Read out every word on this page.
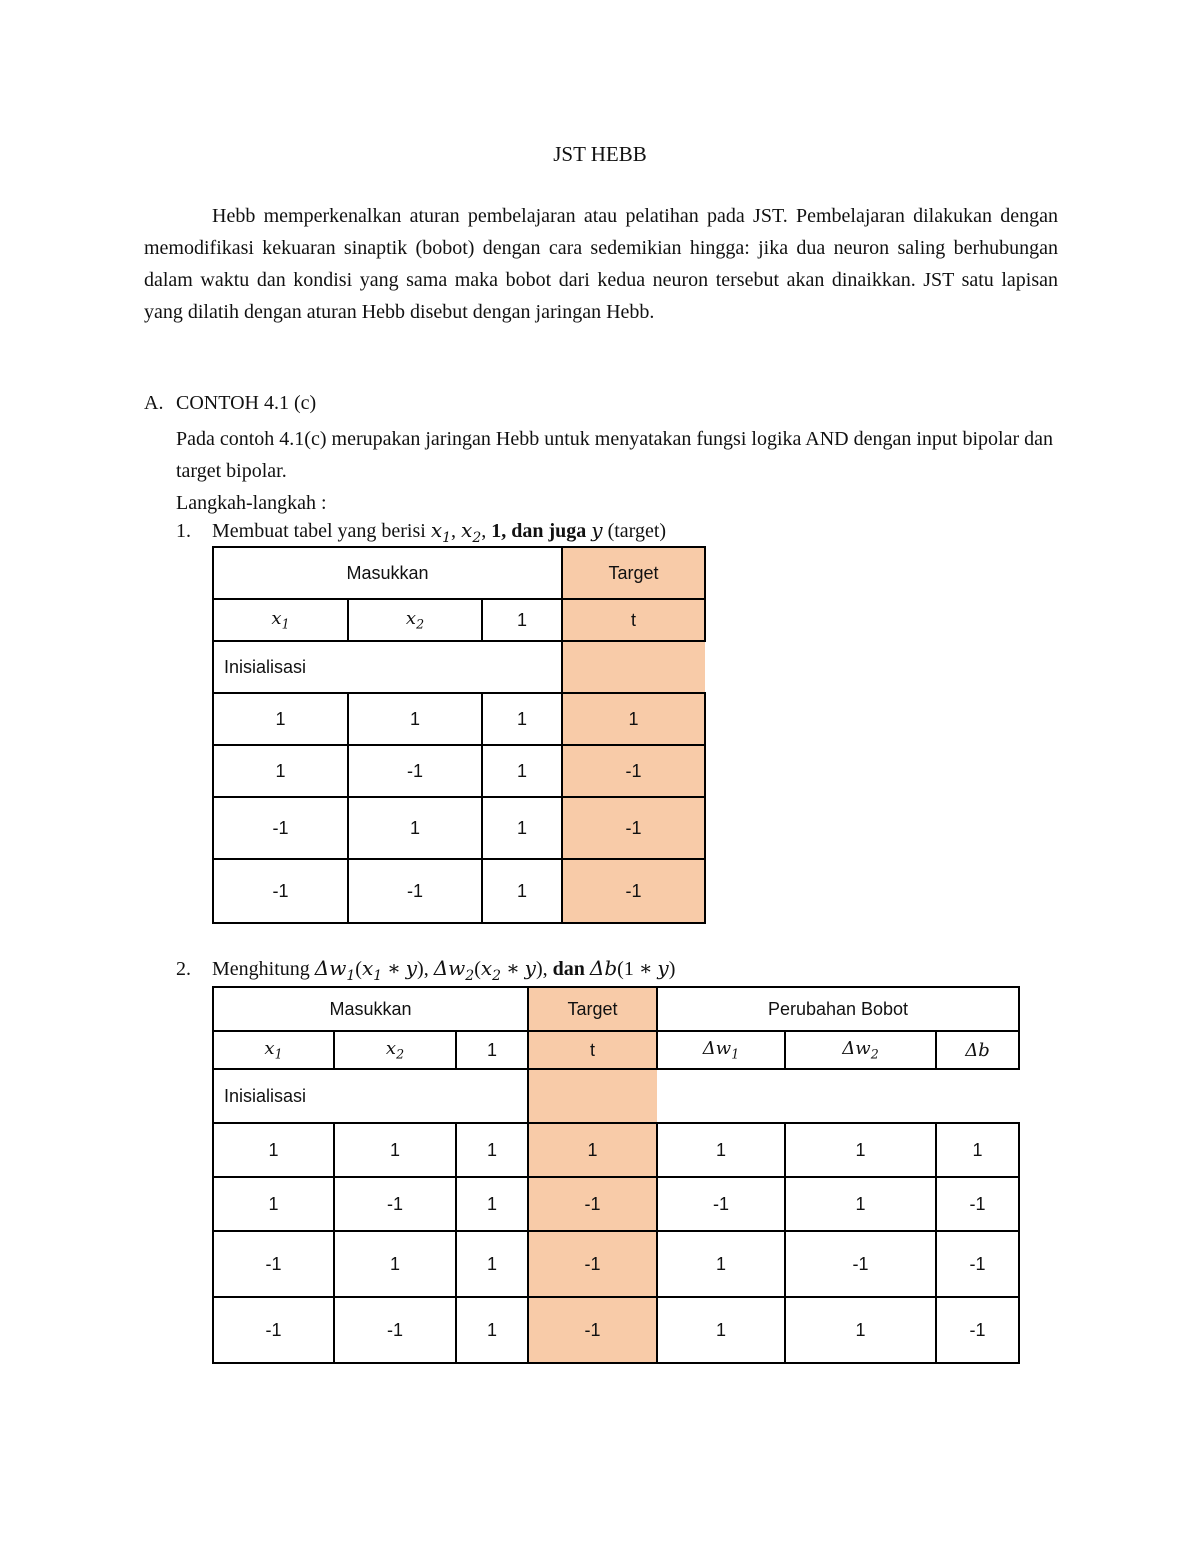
JST HEBB
Hebb memperkenalkan aturan pembelajaran atau pelatihan pada JST. Pembelajaran dilakukan dengan memodifikasi kekuaran sinaptik (bobot) dengan cara sedemikian hingga: jika dua neuron saling berhubungan dalam waktu dan kondisi yang sama maka bobot dari kedua neuron tersebut akan dinaikkan. JST satu lapisan yang dilatih dengan aturan Hebb disebut dengan jaringan Hebb.
A. CONTOH 4.1 (c)
Pada contoh 4.1(c) merupakan jaringan Hebb untuk menyatakan fungsi logika AND dengan input bipolar dan target bipolar.
Langkah-langkah :
1. Membuat tabel yang berisi $x_1$, $x_2$, 1, dan juga y (target)
Masukkan			Target
$x_1$	$x_2$	1	t
Inisialisasi			
1	1	1	1
1	-1	1	-1
-1	1	1	-1
-1	-1	1	-1
2. Menghitung $\Delta w_1(x_1$ ∗ y), $\Delta w_2(x_2$ ∗ y), dan Δb(1 ∗ y)
Masukkan			Target	Perubahan Bobot		
$x_1$	$x_2$	1	t	$\Delta w_1$	$\Delta w_2$	Δb
Inisialisasi						
1	1	1	1	1	1	1
1	-1	1	-1	-1	1	-1
-1	1	1	-1	1	-1	-1
-1	-1	1	-1	1	1	-1
